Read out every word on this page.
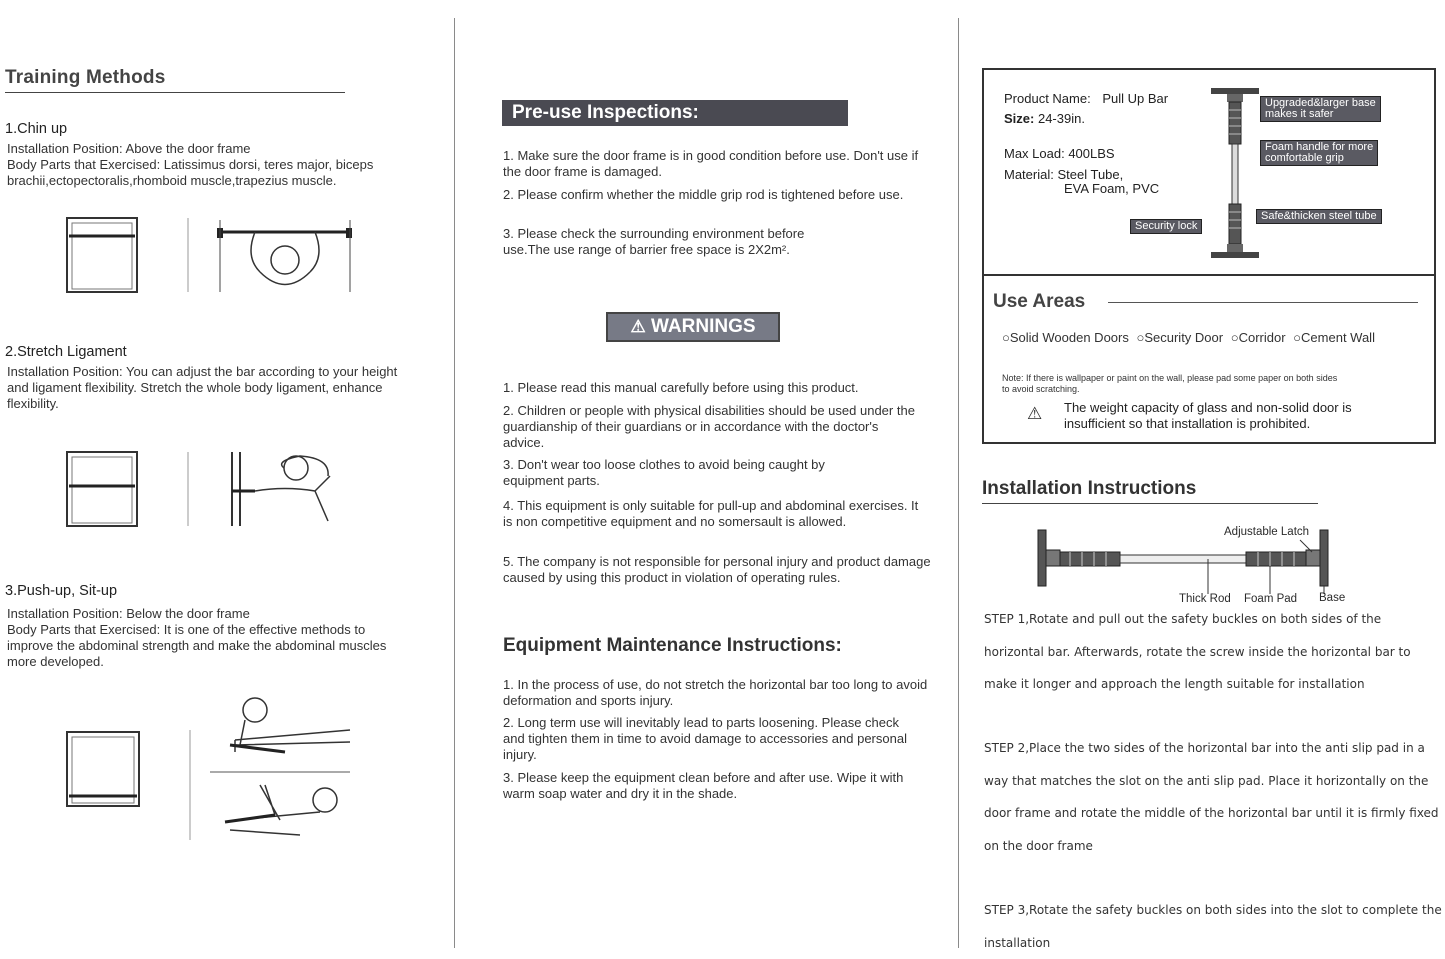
Training Methods
1.Chin up
Installation Position: Above the door frame
Body Parts that Exercised: Latissimus dorsi, teres major, biceps
brachii,ectopectoralis,rhomboid muscle,trapezius muscle.
2.Stretch Ligament
Installation Position: You can adjust the bar according to your height
and ligament flexibility. Stretch the whole body ligament, enhance
flexibility.
3.Push-up, Sit-up
Installation Position: Below the door frame
Body Parts that Exercised: It is one of the effective methods to
improve the abdominal strength and make the abdominal muscles
more developed.
Pre-use Inspections:
1. Make sure the door frame is in good condition before use. Don't use if the door frame is damaged.
2. Please confirm whether the middle grip rod is tightened before use.
3. Please check the surrounding environment before use.The use range of barrier free space is 2X2m².
⚠ WARNINGS
1. Please read this manual carefully before using this product.
2. Children or people with physical disabilities should be used under the guardianship of their guardians or in accordance with the doctor's advice.
3. Don't wear too loose clothes to avoid being caught by equipment parts.
4. This equipment is only suitable for pull-up and abdominal exercises. It is non competitive equipment and no somersault is allowed.
5. The company is not responsible for personal injury and product damage caused by using this product in violation of operating rules.
Equipment Maintenance Instructions:
1. In the process of use, do not stretch the horizontal bar too long to avoid deformation and sports injury.
2. Long term use will inevitably lead to parts loosening. Please check and tighten them in time to avoid damage to accessories and personal injury.
3. Please keep the equipment clean before and after use. Wipe it with warm soap water and dry it in the shade.
Product Name: Pull Up Bar
Size: 24-39in.
Max Load: 400LBS
Material: Steel Tube,
EVA Foam, PVC
Upgraded&larger base
makes it safer
Foam handle for more
comfortable grip
Safe&thicken steel tube
Security lock
Use Areas
○Solid Wooden Doors ○Security Door ○Corridor ○Cement Wall
Note: If there is wallpaper or paint on the wall, please pad some paper on both sides
to avoid scratching.
⚠ The weight capacity of glass and non-solid door is
insufficient so that installation is prohibited.
Installation Instructions
Adjustable Latch
Thick Rod Foam Pad Base
STEP 1,Rotate and pull out the safety buckles on both sides of the horizontal bar. Afterwards, rotate the screw inside the horizontal bar to make it longer and approach the length suitable for installation
STEP 2,Place the two sides of the horizontal bar into the anti slip pad in a way that matches the slot on the anti slip pad. Place it horizontally on the door frame and rotate the middle of the horizontal bar until it is firmly fixed on the door frame
STEP 3,Rotate the safety buckles on both sides into the slot to complete the installation
